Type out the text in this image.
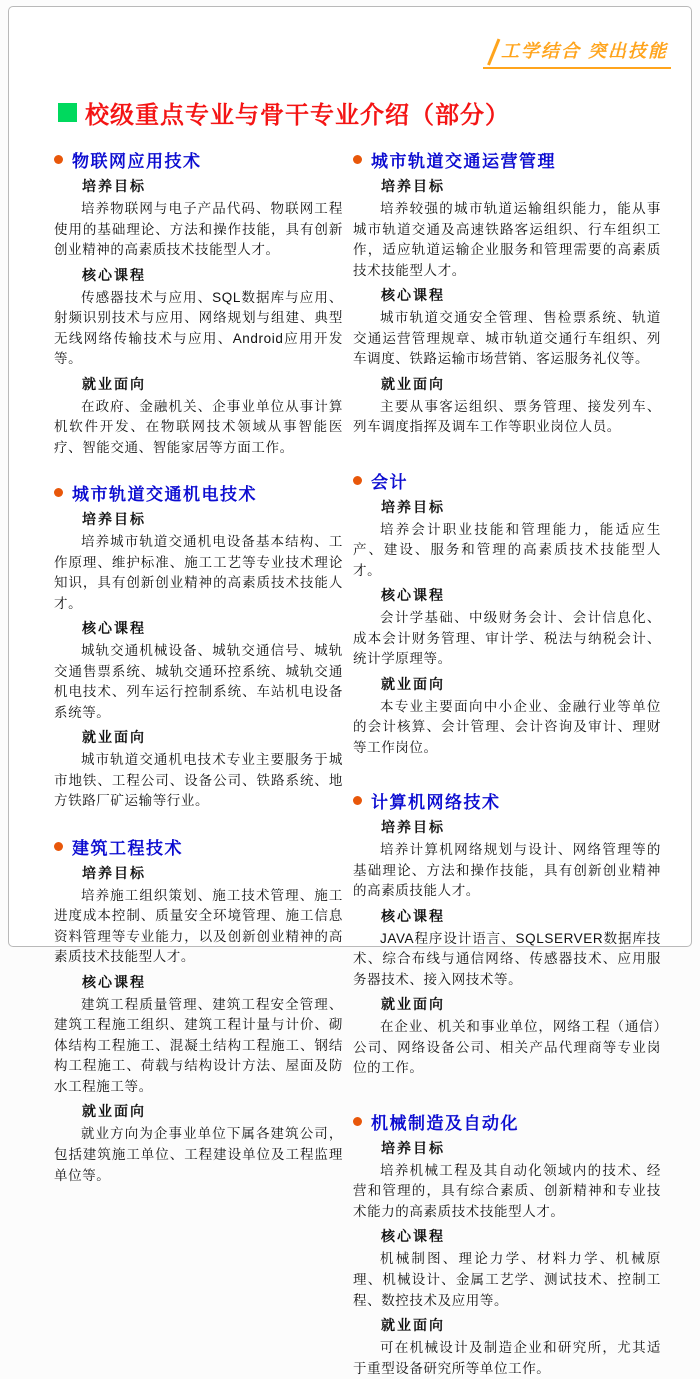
工学结合 突出技能
校级重点专业与骨干专业介绍（部分）
物联网应用技术
培养目标

培养物联网与电子产品代码、物联网工程使用的基础理论、方法和操作技能，具有创新创业精神的高素质技术技能型人才。

核心课程

传感器技术与应用、SQL数据库与应用、射频识别技术与应用、网络规划与组建、典型无线网络传输技术与应用、Android应用开发等。

就业面向

在政府、金融机关、企事业单位从事计算机软件开发、在物联网技术领域从事智能医疗、智能交通、智能家居等方面工作。

城市轨道交通机电技术
培养目标

培养城市轨道交通机电设备基本结构、工作原理、维护标准、施工工艺等专业技术理论知识，具有创新创业精神的高素质技术技能人才。

核心课程

城轨交通机械设备、城轨交通信号、城轨交通售票系统、城轨交通环控系统、城轨交通机电技术、列车运行控制系统、车站机电设备系统等。

就业面向

城市轨道交通机电技术专业主要服务于城市地铁、工程公司、设备公司、铁路系统、地方铁路厂矿运输等行业。

建筑工程技术
培养目标

培养施工组织策划、施工技术管理、施工进度成本控制、质量安全环境管理、施工信息资料管理等专业能力，以及创新创业精神的高素质技术技能型人才。

核心课程

建筑工程质量管理、建筑工程安全管理、建筑工程施工组织、建筑工程计量与计价、砌体结构工程施工、混凝土结构工程施工、钢结构工程施工、荷载与结构设计方法、屋面及防水工程施工等。

就业面向

就业方向为企事业单位下属各建筑公司，包括建筑施工单位、工程建设单位及工程监理单位等。

城市轨道交通运营管理
培养目标

培养较强的城市轨道运输组织能力，能从事城市轨道交通及高速铁路客运组织、行车组织工作，适应轨道运输企业服务和管理需要的高素质技术技能型人才。

核心课程

城市轨道交通安全管理、售检票系统、轨道交通运营管理规章、城市轨道交通行车组织、列车调度、铁路运输市场营销、客运服务礼仪等。

就业面向

主要从事客运组织、票务管理、接发列车、列车调度指挥及调车工作等职业岗位人员。

会计
培养目标

培养会计职业技能和管理能力，能适应生产、建设、服务和管理的高素质技术技能型人才。

核心课程

会计学基础、中级财务会计、会计信息化、成本会计财务管理、审计学、税法与纳税会计、统计学原理等。

就业面向

本专业主要面向中小企业、金融行业等单位的会计核算、会计管理、会计咨询及审计、理财等工作岗位。

计算机网络技术
培养目标

培养计算机网络规划与设计、网络管理等的基础理论、方法和操作技能，具有创新创业精神的高素质技能人才。

核心课程

JAVA程序设计语言、SQLSERVER数据库技术、综合布线与通信网络、传感器技术、应用服务器技术、接入网技术等。

就业面向

在企业、机关和事业单位，网络工程（通信）公司、网络设备公司、相关产品代理商等专业岗位的工作。

机械制造及自动化
培养目标

培养机械工程及其自动化领域内的技术、经营和管理的，具有综合素质、创新精神和专业技术能力的高素质技术技能型人才。

核心课程

机械制图、理论力学、材料力学、机械原理、机械设计、金属工艺学、测试技术、控制工程、数控技术及应用等。

就业面向

可在机械设计及制造企业和研究所，尤其适于重型设备研究所等单位工作。
